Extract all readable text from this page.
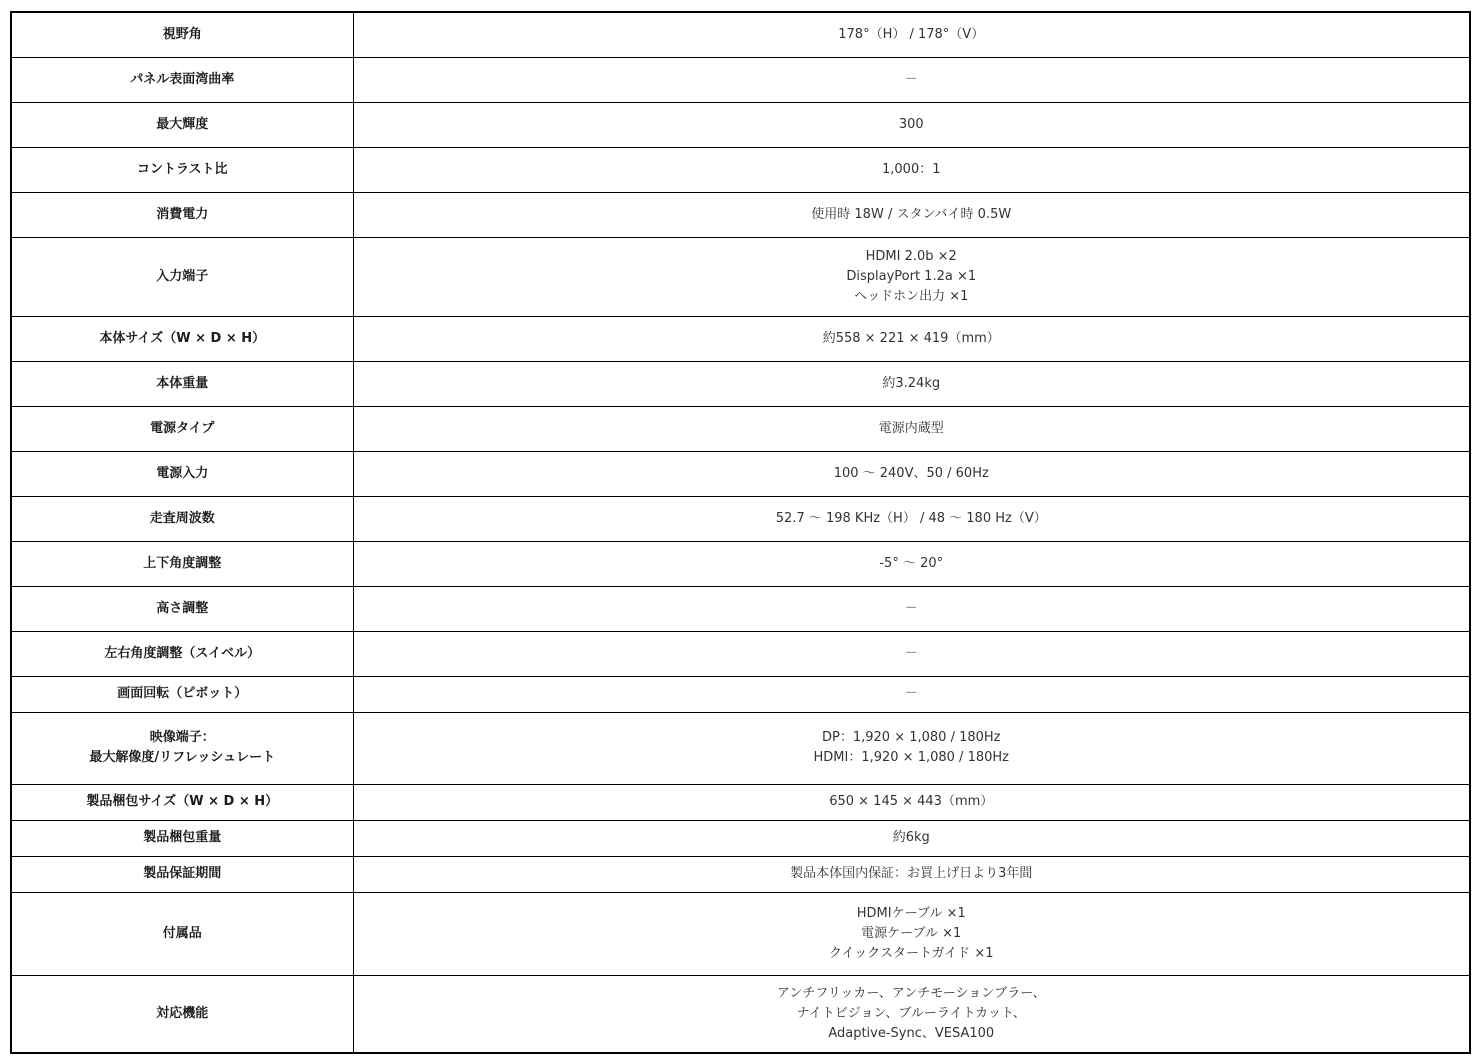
視野角	178°（H） / 178°（V）

パネル表面湾曲率	－

最大輝度	300

コントラスト比	1,000：1

消費電力	使用時 18W / スタンバイ時 0.5W

入力端子	HDMI 2.0b ×2
DisplayPort 1.2a ×1
ヘッドホン出力 ×1

本体サイズ（W × D × H）	約558 × 221 × 419（mm）

本体重量	約3.24kg

電源タイプ	電源内蔵型

電源入力	100 ～ 240V、50 / 60Hz

走査周波数	52.7 ～ 198 KHz（H） / 48 ～ 180 Hz（V）

上下角度調整	-5° ～ 20°

高さ調整	－

左右角度調整（スイベル）	－

画面回転（ピボット）	－

映像端子：
最大解像度/リフレッシュレート	DP：1,920 × 1,080 / 180Hz
HDMI：1,920 × 1,080 / 180Hz

製品梱包サイズ（W × D × H）	650 × 145 × 443（mm）

製品梱包重量	約6kg

製品保証期間	製品本体国内保証：お買上げ日より3年間

付属品	HDMIケーブル ×1
電源ケーブル ×1
クイックスタートガイド ×1

対応機能	アンチフリッカー、アンチモーションブラー、
ナイトビジョン、ブルーライトカット、
Adaptive-Sync、VESA100
